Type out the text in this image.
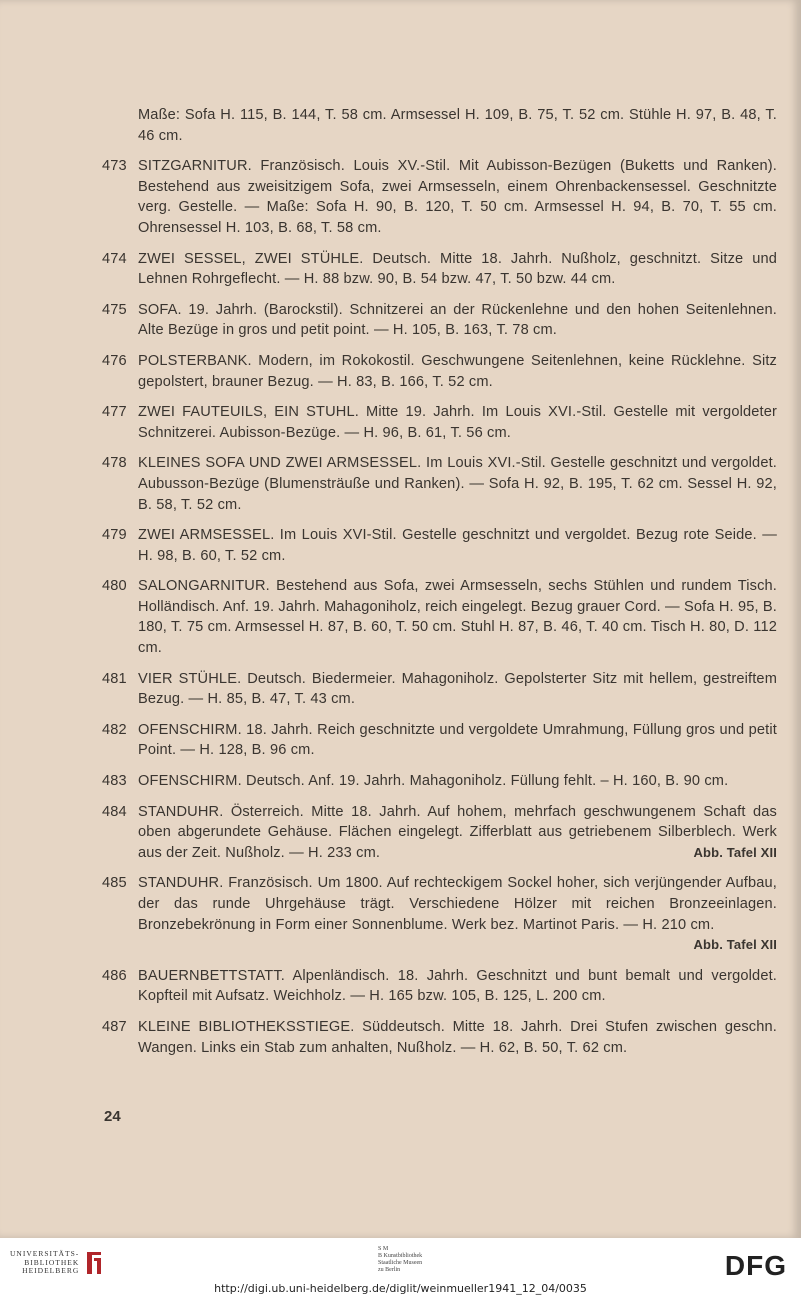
Maße: Sofa H. 115, B. 144, T. 58 cm. Armsessel H. 109, B. 75, T. 52 cm. Stühle H. 97, B. 48, T. 46 cm.
473 SITZGARNITUR. Französisch. Louis XV.-Stil. Mit Aubisson-Bezügen (Buketts und Ranken). Bestehend aus zweisitzigem Sofa, zwei Armsesseln, einem Ohrenbackensessel. Geschnitzte verg. Gestelle. — Maße: Sofa H. 90, B. 120, T. 50 cm. Armsessel H. 94, B. 70, T. 55 cm. Ohrensessel H. 103, B. 68, T. 58 cm.
474 ZWEI SESSEL, ZWEI STÜHLE. Deutsch. Mitte 18. Jahrh. Nußholz, geschnitzt. Sitze und Lehnen Rohrgeflecht. — H. 88 bzw. 90, B. 54 bzw. 47, T. 50 bzw. 44 cm.
475 SOFA. 19. Jahrh. (Barockstil). Schnitzerei an der Rückenlehne und den hohen Seitenlehnen. Alte Bezüge in gros und petit point. — H. 105, B. 163, T. 78 cm.
476 POLSTERBANK. Modern, im Rokokostil. Geschwungene Seitenlehnen, keine Rücklehne. Sitz gepolstert, brauner Bezug. — H. 83, B. 166, T. 52 cm.
477 ZWEI FAUTEUILS, EIN STUHL. Mitte 19. Jahrh. Im Louis XVI.-Stil. Gestelle mit vergoldeter Schnitzerei. Aubisson-Bezüge. — H. 96, B. 61, T. 56 cm.
478 KLEINES SOFA UND ZWEI ARMSESSEL. Im Louis XVI.-Stil. Gestelle geschnitzt und vergoldet. Aubusson-Bezüge (Blumensträuße und Ranken). — Sofa H. 92, B. 195, T. 62 cm. Sessel H. 92, B. 58, T. 52 cm.
479 ZWEI ARMSESSEL. Im Louis XVI-Stil. Gestelle geschnitzt und vergoldet. Bezug rote Seide. — H. 98, B. 60, T. 52 cm.
480 SALONGARNITUR. Bestehend aus Sofa, zwei Armsesseln, sechs Stühlen und rundem Tisch. Holländisch. Anf. 19. Jahrh. Mahagoniholz, reich eingelegt. Bezug grauer Cord. — Sofa H. 95, B. 180, T. 75 cm. Armsessel H. 87, B. 60, T. 50 cm. Stuhl H. 87, B. 46, T. 40 cm. Tisch H. 80, D. 112 cm.
481 VIER STÜHLE. Deutsch. Biedermeier. Mahagoniholz. Gepolsterter Sitz mit hellem, gestreiftem Bezug. — H. 85, B. 47, T. 43 cm.
482 OFENSCHIRM. 18. Jahrh. Reich geschnitzte und vergoldete Umrahmung, Füllung gros und petit Point. — H. 128, B. 96 cm.
483 OFENSCHIRM. Deutsch. Anf. 19. Jahrh. Mahagoniholz. Füllung fehlt. – H. 160, B. 90 cm.
484 STANDUHR. Österreich. Mitte 18. Jahrh. Auf hohem, mehrfach geschwungenem Schaft das oben abgerundete Gehäuse. Flächen eingelegt. Zifferblatt aus getriebenem Silberblech. Werk aus der Zeit. Nußholz. — H. 233 cm.	Abb. Tafel XII
485 STANDUHR. Französisch. Um 1800. Auf rechteckigem Sockel hoher, sich verjüngender Aufbau, der das runde Uhrgehäuse trägt. Verschiedene Hölzer mit reichen Bronzeeinlagen. Bronzebekrönung in Form einer Sonnenblume. Werk bez. Martinot Paris. — H. 210 cm.
Abb. Tafel XII
486 BAUERNBETTSTATT. Alpenländisch. 18. Jahrh. Geschnitzt und bunt bemalt und vergoldet. Kopfteil mit Aufsatz. Weichholz. — H. 165 bzw. 105, B. 125, L. 200 cm.
487 KLEINE BIBLIOTHEKSSTIEGE. Süddeutsch. Mitte 18. Jahrh. Drei Stufen zwischen geschn. Wangen. Links ein Stab zum anhalten, Nußholz. — H. 62, B. 50, T. 62 cm.
24
UNIVERSITÄTS-
BIBLIOTHEK
HEIDELBERG
S M
B Kunstbibliothek
Staatliche Museen
zu Berlin	DFG
http://digi.ub.uni-heidelberg.de/diglit/weinmueller1941_12_04/0035
